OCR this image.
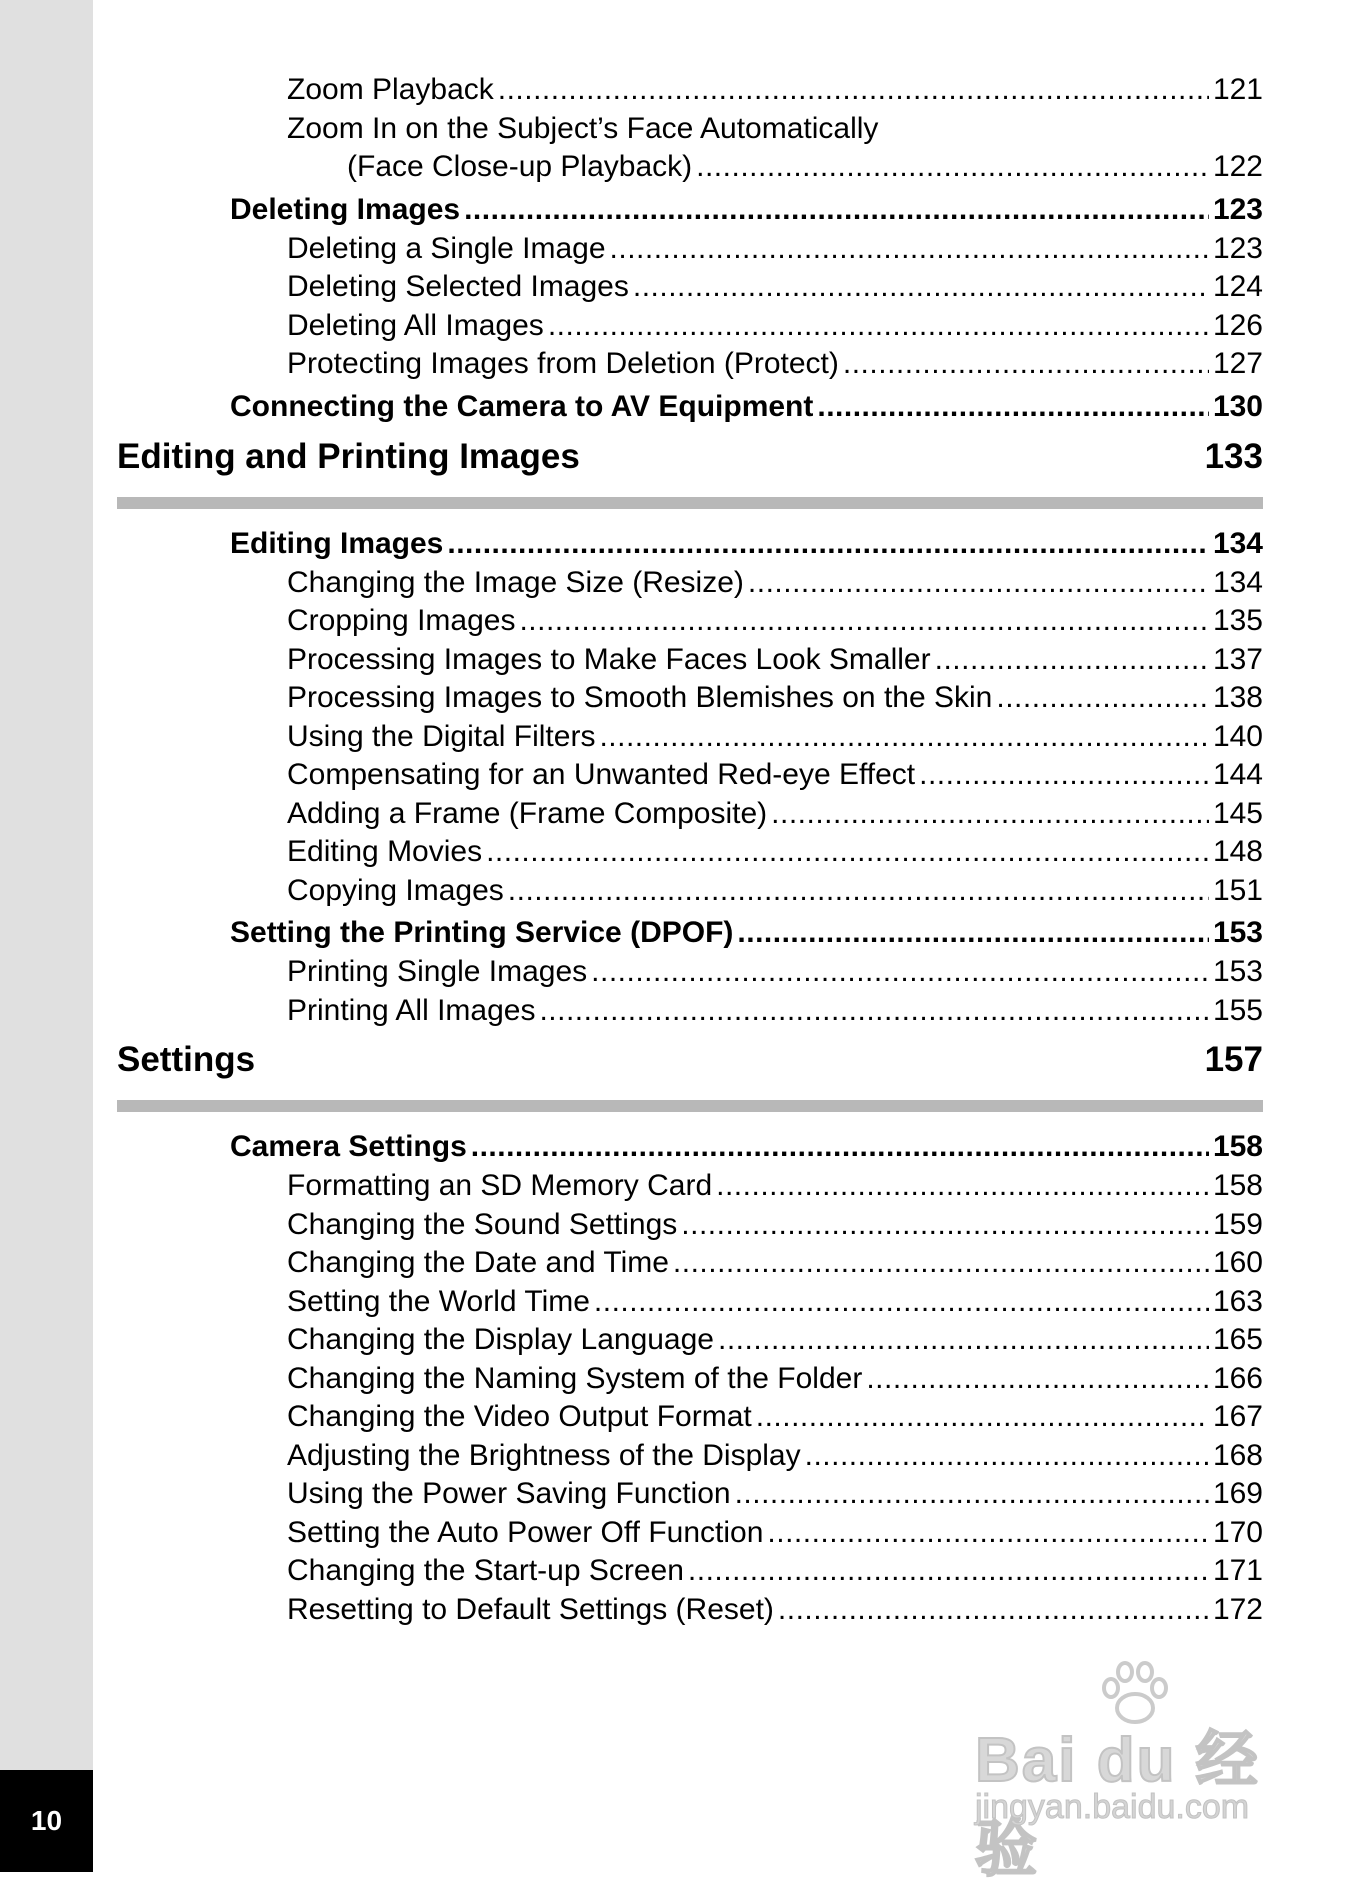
10
Zoom Playback .....	121
Zoom In on the Subject’s Face Automatically
(Face Close-up Playback) .....	122
Deleting Images .....	123
Deleting a Single Image .....	123
Deleting Selected Images .....	124
Deleting All Images .....	126
Protecting Images from Deletion (Protect) .....	127
Connecting the Camera to AV Equipment .....	130
Editing and Printing Images	133
Editing Images .....	134
Changing the Image Size (Resize) .....	134
Cropping Images .....	135
Processing Images to Make Faces Look Smaller .....	137
Processing Images to Smooth Blemishes on the Skin .....	138
Using the Digital Filters .....	140
Compensating for an Unwanted Red-eye Effect .....	144
Adding a Frame (Frame Composite) .....	145
Editing Movies .....	148
Copying Images .....	151
Setting the Printing Service (DPOF) .....	153
Printing Single Images .....	153
Printing All Images .....	155
Settings	157
Camera Settings .....	158
Formatting an SD Memory Card .....	158
Changing the Sound Settings .....	159
Changing the Date and Time .....	160
Setting the World Time .....	163
Changing the Display Language .....	165
Changing the Naming System of the Folder .....	166
Changing the Video Output Format .....	167
Adjusting the Brightness of the Display .....	168
Using the Power Saving Function .....	169
Setting the Auto Power Off Function .....	170
Changing the Start-up Screen .....	171
Resetting to Default Settings (Reset) .....	172
Bai du 经验
jingyan.baidu.com
